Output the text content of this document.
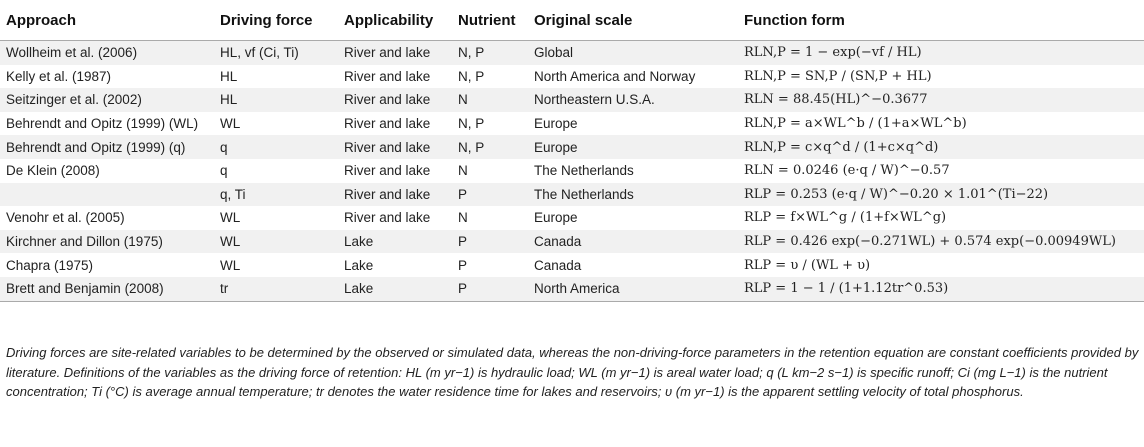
Approach	Driving force	Applicability	Nutrient	Original scale	Function form
Wollheim et al. (2006)	HL, vf (Ci, Ti)	River and lake	N, P	Global	RLN,P = 1 − exp(−vf / HL)
Kelly et al. (1987)	HL	River and lake	N, P	North America and Norway	RLN,P = SN,P / (SN,P + HL)
Seitzinger et al. (2002)	HL	River and lake	N	Northeastern U.S.A.	RLN = 88.45(HL)^−0.3677
Behrendt and Opitz (1999) (WL)	WL	River and lake	N, P	Europe	RLN,P = a×WL^b / (1+a×WL^b)
Behrendt and Opitz (1999) (q)	q	River and lake	N, P	Europe	RLN,P = c×q^d / (1+c×q^d)
De Klein (2008)	q	River and lake	N	The Netherlands	RLN = 0.0246 (e·q / W)^−0.57
	q, Ti	River and lake	P	The Netherlands	RLP = 0.253 (e·q / W)^−0.20 × 1.01^(Ti−22)
Venohr et al. (2005)	WL	River and lake	N	Europe	RLP = f×WL^g / (1+f×WL^g)
Kirchner and Dillon (1975)	WL	Lake	P	Canada	RLP = 0.426 exp(−0.271WL) + 0.574 exp(−0.00949WL)
Chapra (1975)	WL	Lake	P	Canada	RLP = υ / (WL + υ)
Brett and Benjamin (2008)	tr	Lake	P	North America	RLP = 1 − 1 / (1+1.12tr^0.53)

Driving forces are site-related variables to be determined by the observed or simulated data, whereas the non-driving-force parameters in the retention equation are constant coefficients provided by literature. Definitions of the variables as the driving force of retention: HL (m yr−1) is hydraulic load; WL (m yr−1) is areal water load; q (L km−2 s−1) is specific runoff; Ci (mg L−1) is the nutrient concentration; Ti (°C) is average annual temperature; tr denotes the water residence time for lakes and reservoirs; υ (m yr−1) is the apparent settling velocity of total phosphorus.
